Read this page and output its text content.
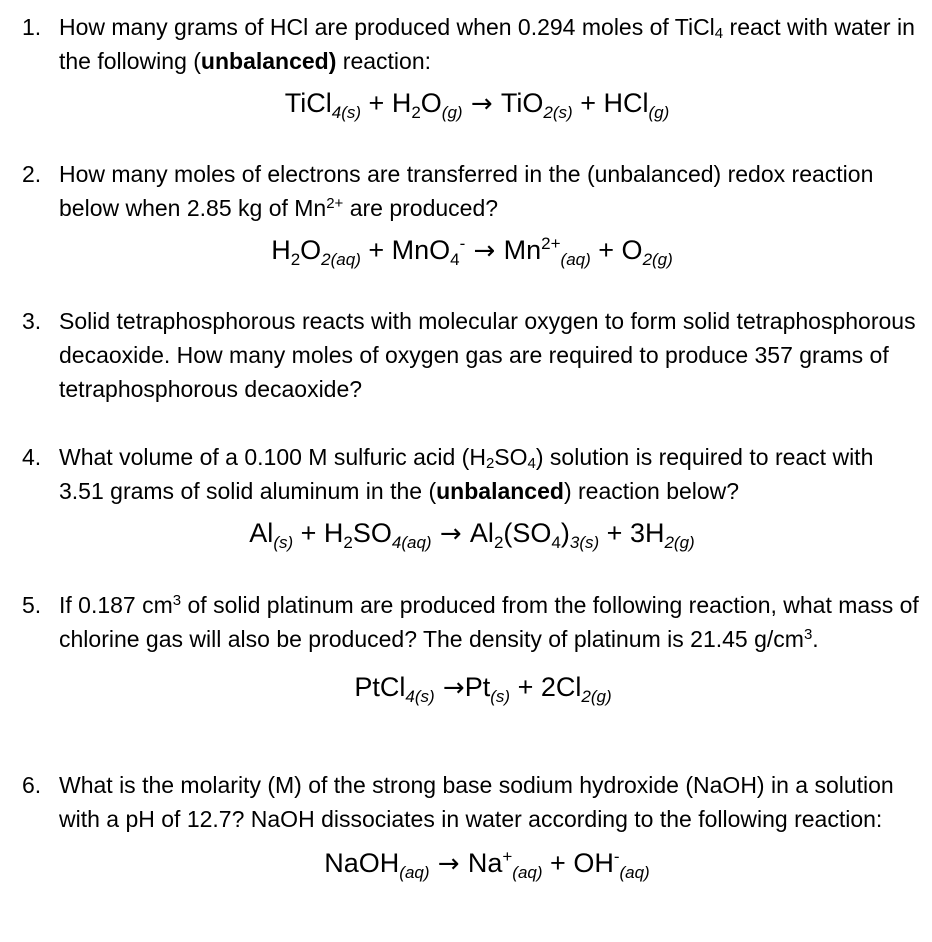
1. How many grams of HCl are produced when 0.294 moles of TiCl$_4$ react with water in the following (unbalanced) reaction:
TiCl$_{4(s)}$ + $H_2O_{(g)} \to TiO_{2(s)} + HCl_{(g)}$
2. How many moles of electrons are transferred in the (unbalanced) redox reaction below when 2.85 kg of $Mn^{2+}$ are produced?
$H_2O_{2(aq)} + MnO_4^- \to Mn^{2+}_{(aq)} + O_{2(g)}$
3. Solid tetraphosphorous reacts with molecular oxygen to form solid tetraphosphorous decaoxide. How many moles of oxygen gas are required to produce 357 grams of tetraphosphorous decaoxide?
4. What volume of a 0.100 M sulfuric acid $(H_2SO_4)$ solution is required to react with 3.51 grams of solid aluminum in the (unbalanced) reaction below?
$Al_{(s)} + H_2SO_{4(aq)} \to Al_2(SO_4)_{3(s)} + 3H_{2(g)}$
5. If 0.187 $cm^3$ of solid platinum are produced from the following reaction, what mass of chlorine gas will also be produced? The density of platinum is 21.45 $g/cm^3$.
PtCl$_{4(s)}$ $\to Pt_{(s)} + 2Cl_{2(g)}$
6. What is the molarity (M) of the strong base sodium hydroxide (NaOH) in a solution with a pH of 12.7? NaOH dissociates in water according to the following reaction:
NaOH$_{(aq)}$ → $Na^+_{(aq)} + OH^-_{(aq)}$
